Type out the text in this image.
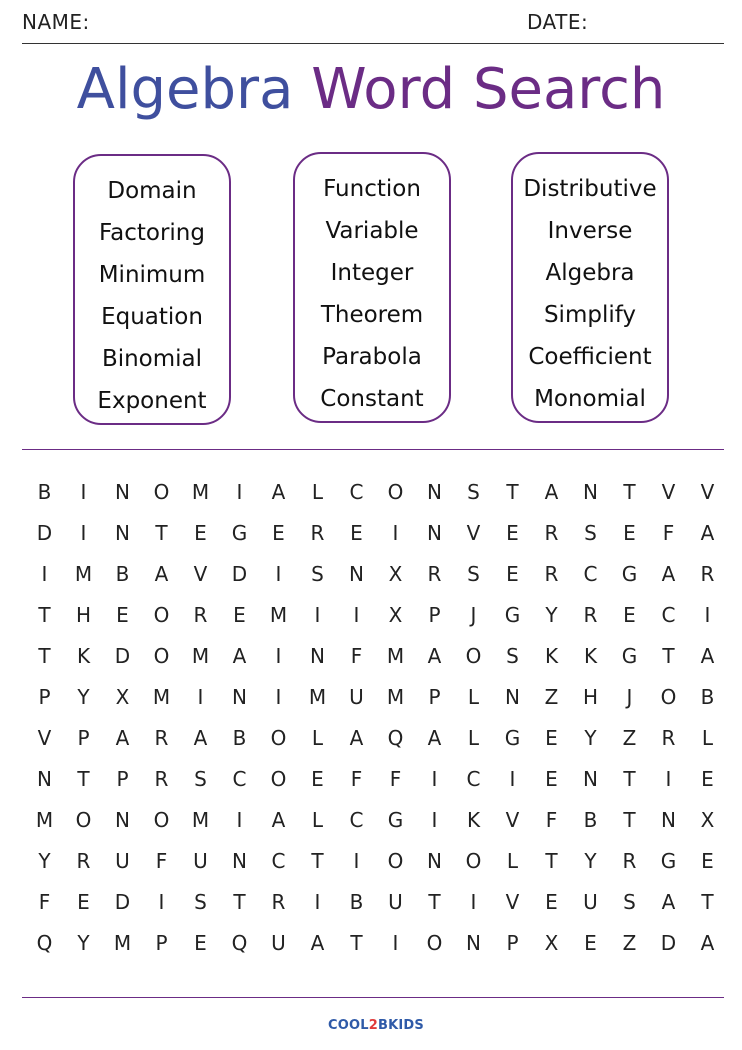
NAME:	DATE:
Algebra Word Search
Domain
Factoring
Minimum
Equation
Binomial
Exponent
Function
Variable
Integer
Theorem
Parabola
Constant
Distributive
Inverse
Algebra
Simplify
Coefficient
Monomial
B	I	N	O	M	I	A	L	C	O	N	S	T	A	N	T	V	V
D	I	N	T	E	G	E	R	E	I	N	V	E	R	S	E	F	A
I	M	B	A	V	D	I	S	N	X	R	S	E	R	C	G	A	R
T	H	E	O	R	E	M	I	I	X	P	J	G	Y	R	E	C	I
T	K	D	O	M	A	I	N	F	M	A	O	S	K	K	G	T	A
P	Y	X	M	I	N	I	M	U	M	P	L	N	Z	H	J	O	B
V	P	A	R	A	B	O	L	A	Q	A	L	G	E	Y	Z	R	L
N	T	P	R	S	C	O	E	F	F	I	C	I	E	N	T	I	E
M	O	N	O	M	I	A	L	C	G	I	K	V	F	B	T	N	X
Y	R	U	F	U	N	C	T	I	O	N	O	L	T	Y	R	G	E
F	E	D	I	S	T	R	I	B	U	T	I	V	E	U	S	A	T
Q	Y	M	P	E	Q	U	A	T	I	O	N	P	X	E	Z	D	A
COOL2BKIDS
